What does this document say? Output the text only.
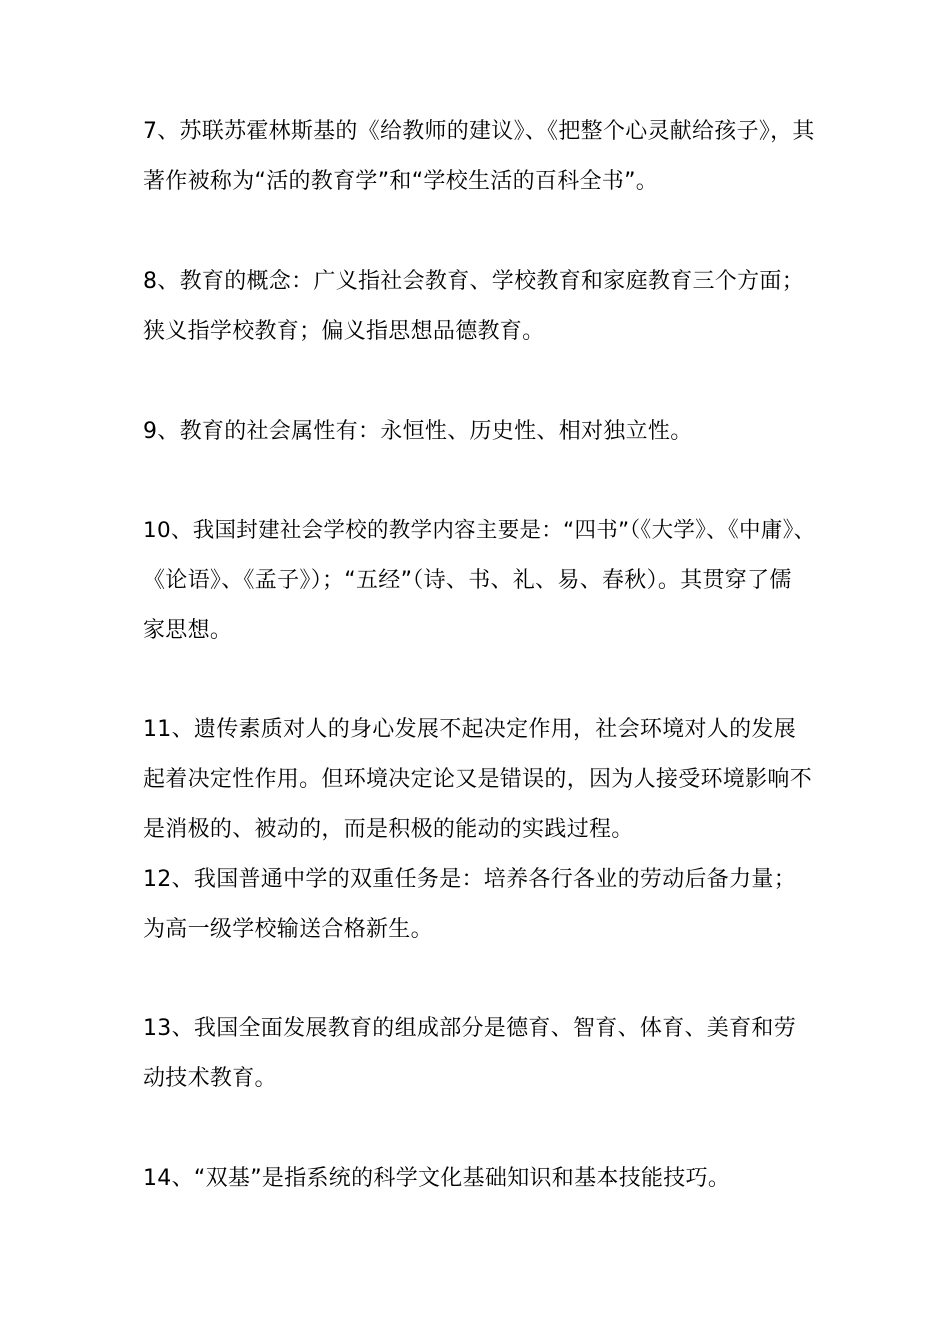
7、苏联苏霍林斯基的《给教师的建议》、《把整个心灵献给孩子》，其
著作被称为“活的教育学”和“学校生活的百科全书”。

8、教育的概念：广义指社会教育、学校教育和家庭教育三个方面；
狭义指学校教育；偏义指思想品德教育。

9、教育的社会属性有：永恒性、历史性、相对独立性。

10、我国封建社会学校的教学内容主要是：“四书”（《大学》、《中庸》、
《论语》、《孟子》）；“五经”（诗、书、礼、易、春秋）。其贯穿了儒
家思想。

11、遗传素质对人的身心发展不起决定作用，社会环境对人的发展
起着决定性作用。但环境决定论又是错误的，因为人接受环境影响不
是消极的、被动的，而是积极的能动的实践过程。

12、我国普通中学的双重任务是：培养各行各业的劳动后备力量；
为高一级学校输送合格新生。

13、我国全面发展教育的组成部分是德育、智育、体育、美育和劳
动技术教育。

14、“双基”是指系统的科学文化基础知识和基本技能技巧。
